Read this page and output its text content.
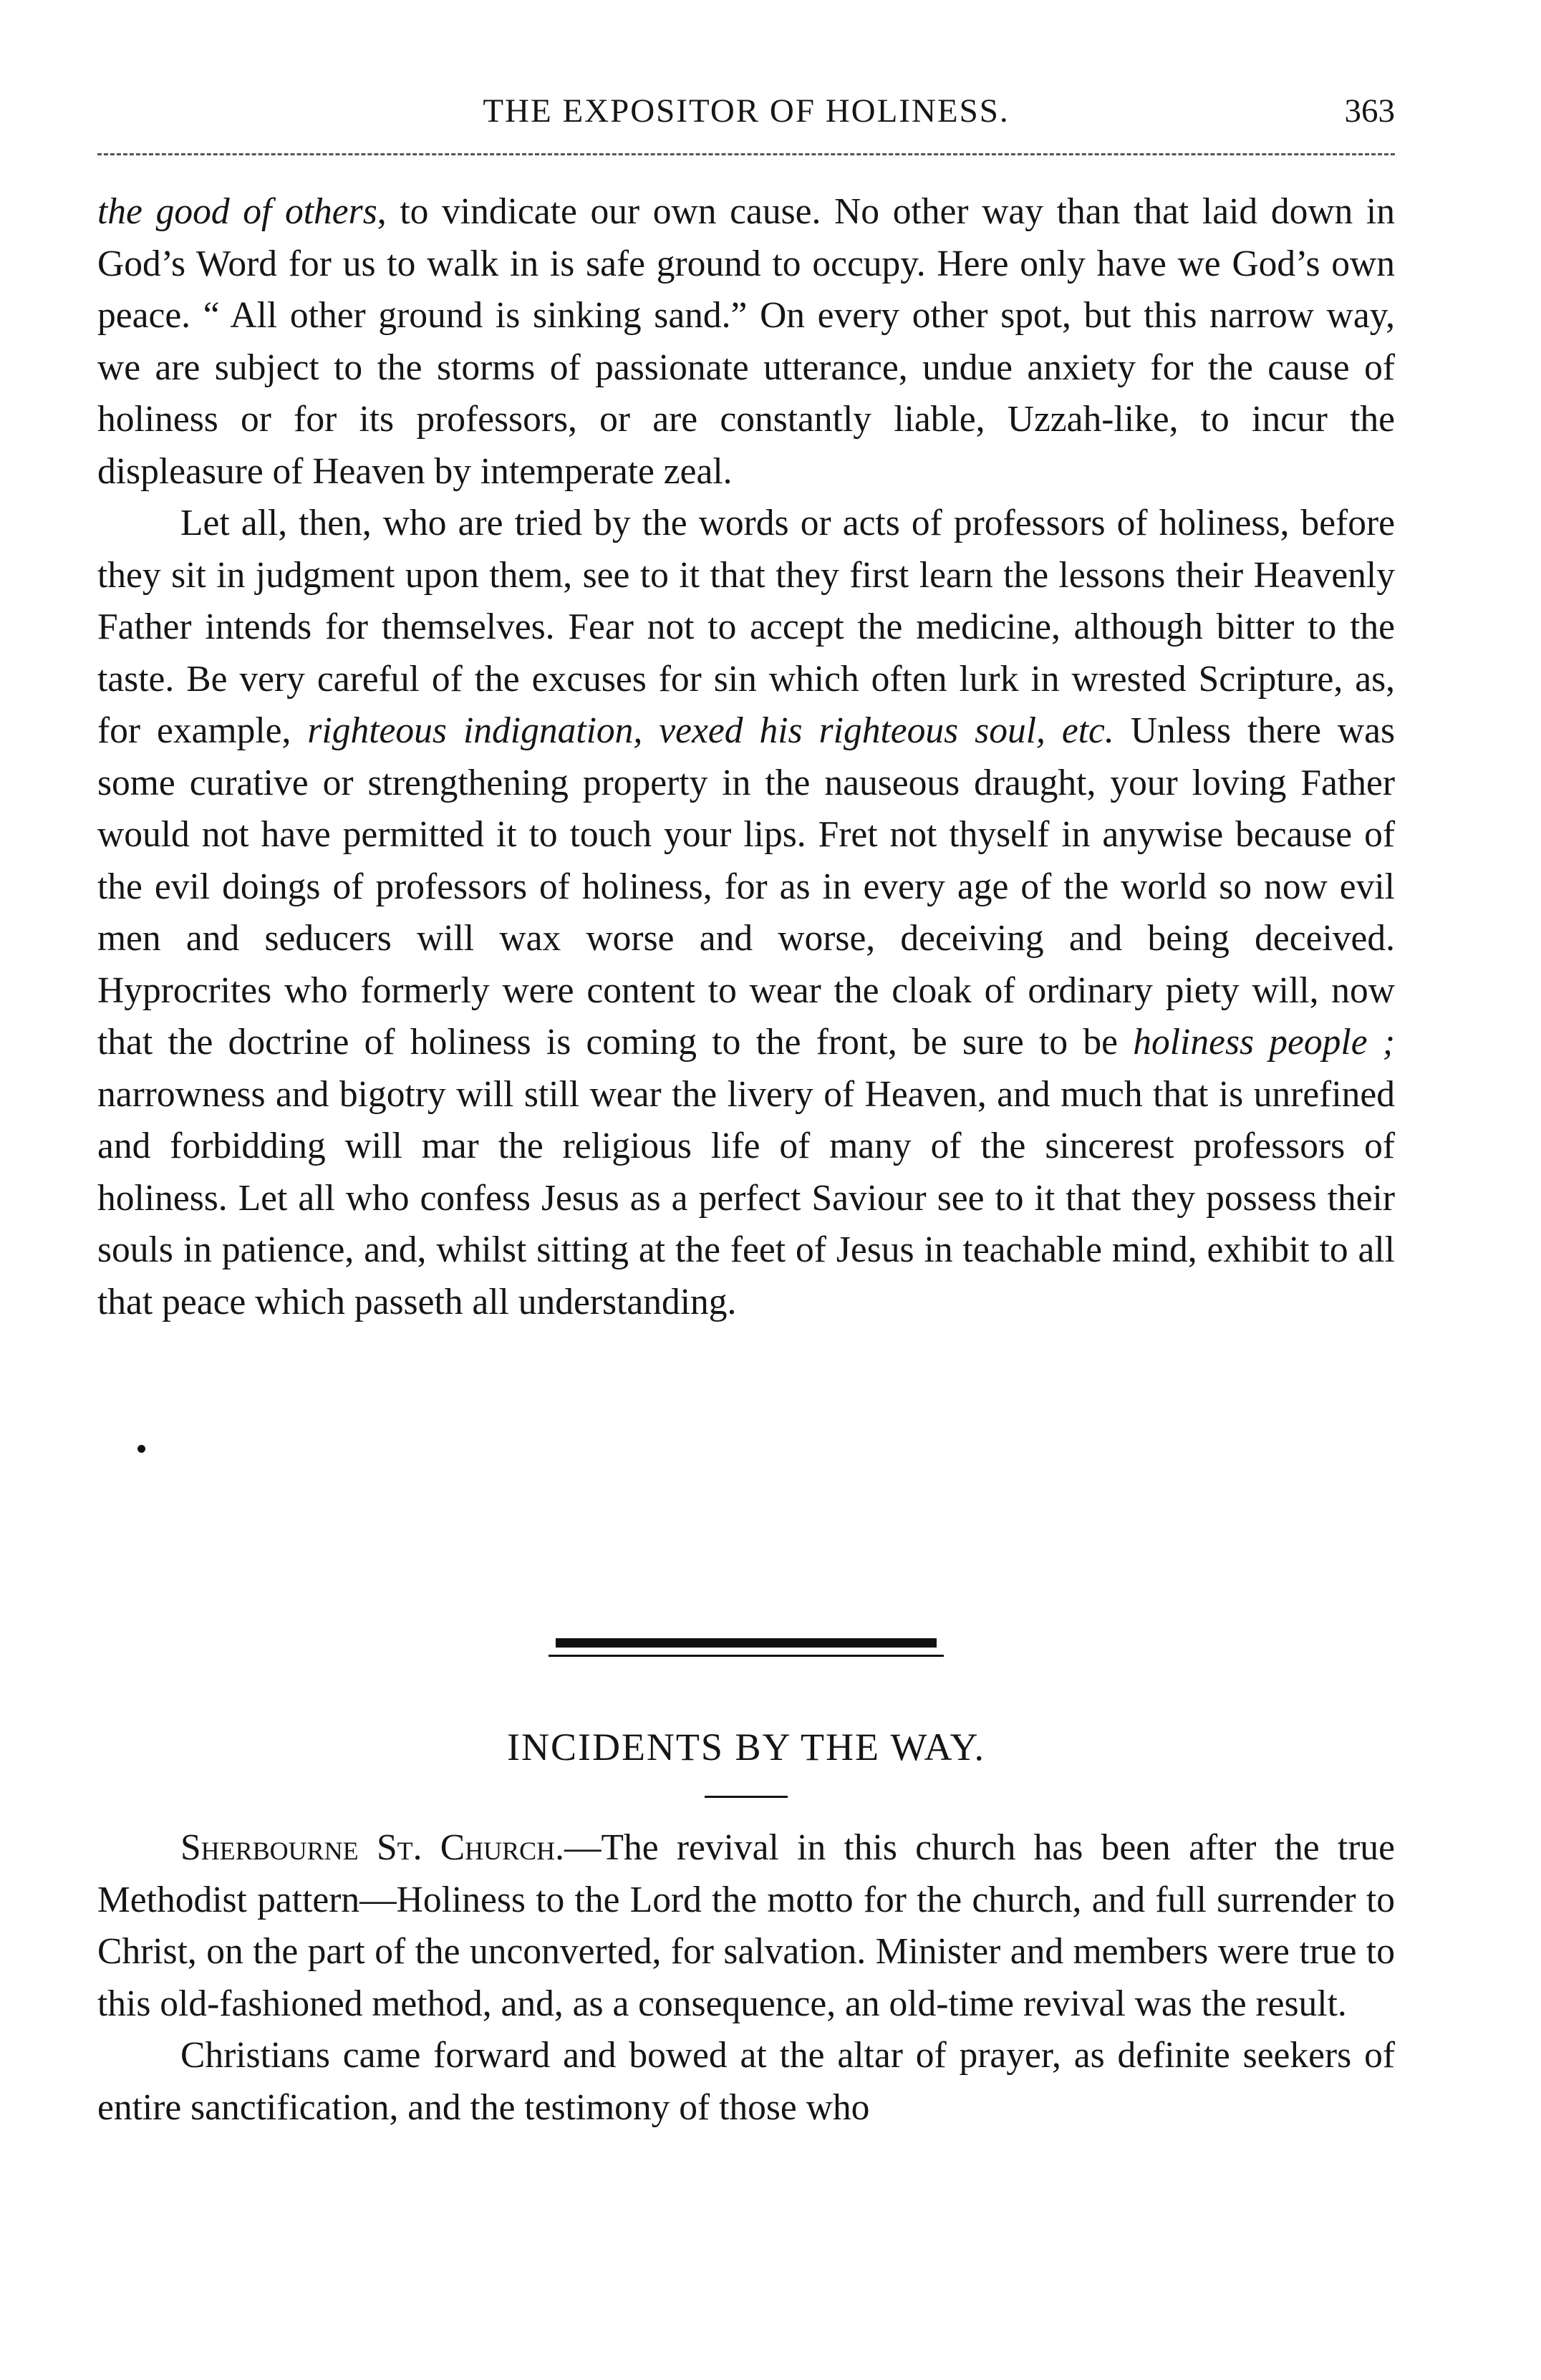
THE EXPOSITOR OF HOLINESS.	363

the good of others, to vindicate our own cause. No other way than that laid down in God’s Word for us to walk in is safe ground to occupy. Here only have we God’s own peace. “ All other ground is sinking sand.” On every other spot, but this narrow way, we are subject to the storms of passionate utterance, undue anxiety for the cause of holiness or for its professors, or are constantly liable, Uzzah-like, to incur the displeasure of Heaven by intemperate zeal.

Let all, then, who are tried by the words or acts of professors of holiness, before they sit in judgment upon them, see to it that they first learn the lessons their Heavenly Father intends for themselves. Fear not to accept the medicine, although bitter to the taste. Be very careful of the excuses for sin which often lurk in wrested Scripture, as, for example, righteous indignation, vexed his righteous soul, etc. Unless there was some curative or strengthening property in the nauseous draught, your loving Father would not have permitted it to touch your lips. Fret not thyself in anywise because of the evil doings of professors of holiness, for as in every age of the world so now evil men and seducers will wax worse and worse, deceiving and being deceived. Hyprocrites who formerly were content to wear the cloak of ordinary piety will, now that the doctrine of holiness is coming to the front, be sure to be holiness people ; narrowness and bigotry will still wear the livery of Heaven, and much that is unrefined and forbidding will mar the religious life of many of the sincerest professors of holiness. Let all who confess Jesus as a perfect Saviour see to it that they possess their souls in patience, and, whilst sitting at the feet of Jesus in teachable mind, exhibit to all that peace which passeth all understanding.

INCIDENTS BY THE WAY.

Sherbourne St. Church.—The revival in this church has been after the true Methodist pattern—Holiness to the Lord the motto for the church, and full surrender to Christ, on the part of the unconverted, for salvation. Minister and members were true to this old-fashioned method, and, as a consequence, an old-time revival was the result.

Christians came forward and bowed at the altar of prayer, as definite seekers of entire sanctification, and the testimony of those who
